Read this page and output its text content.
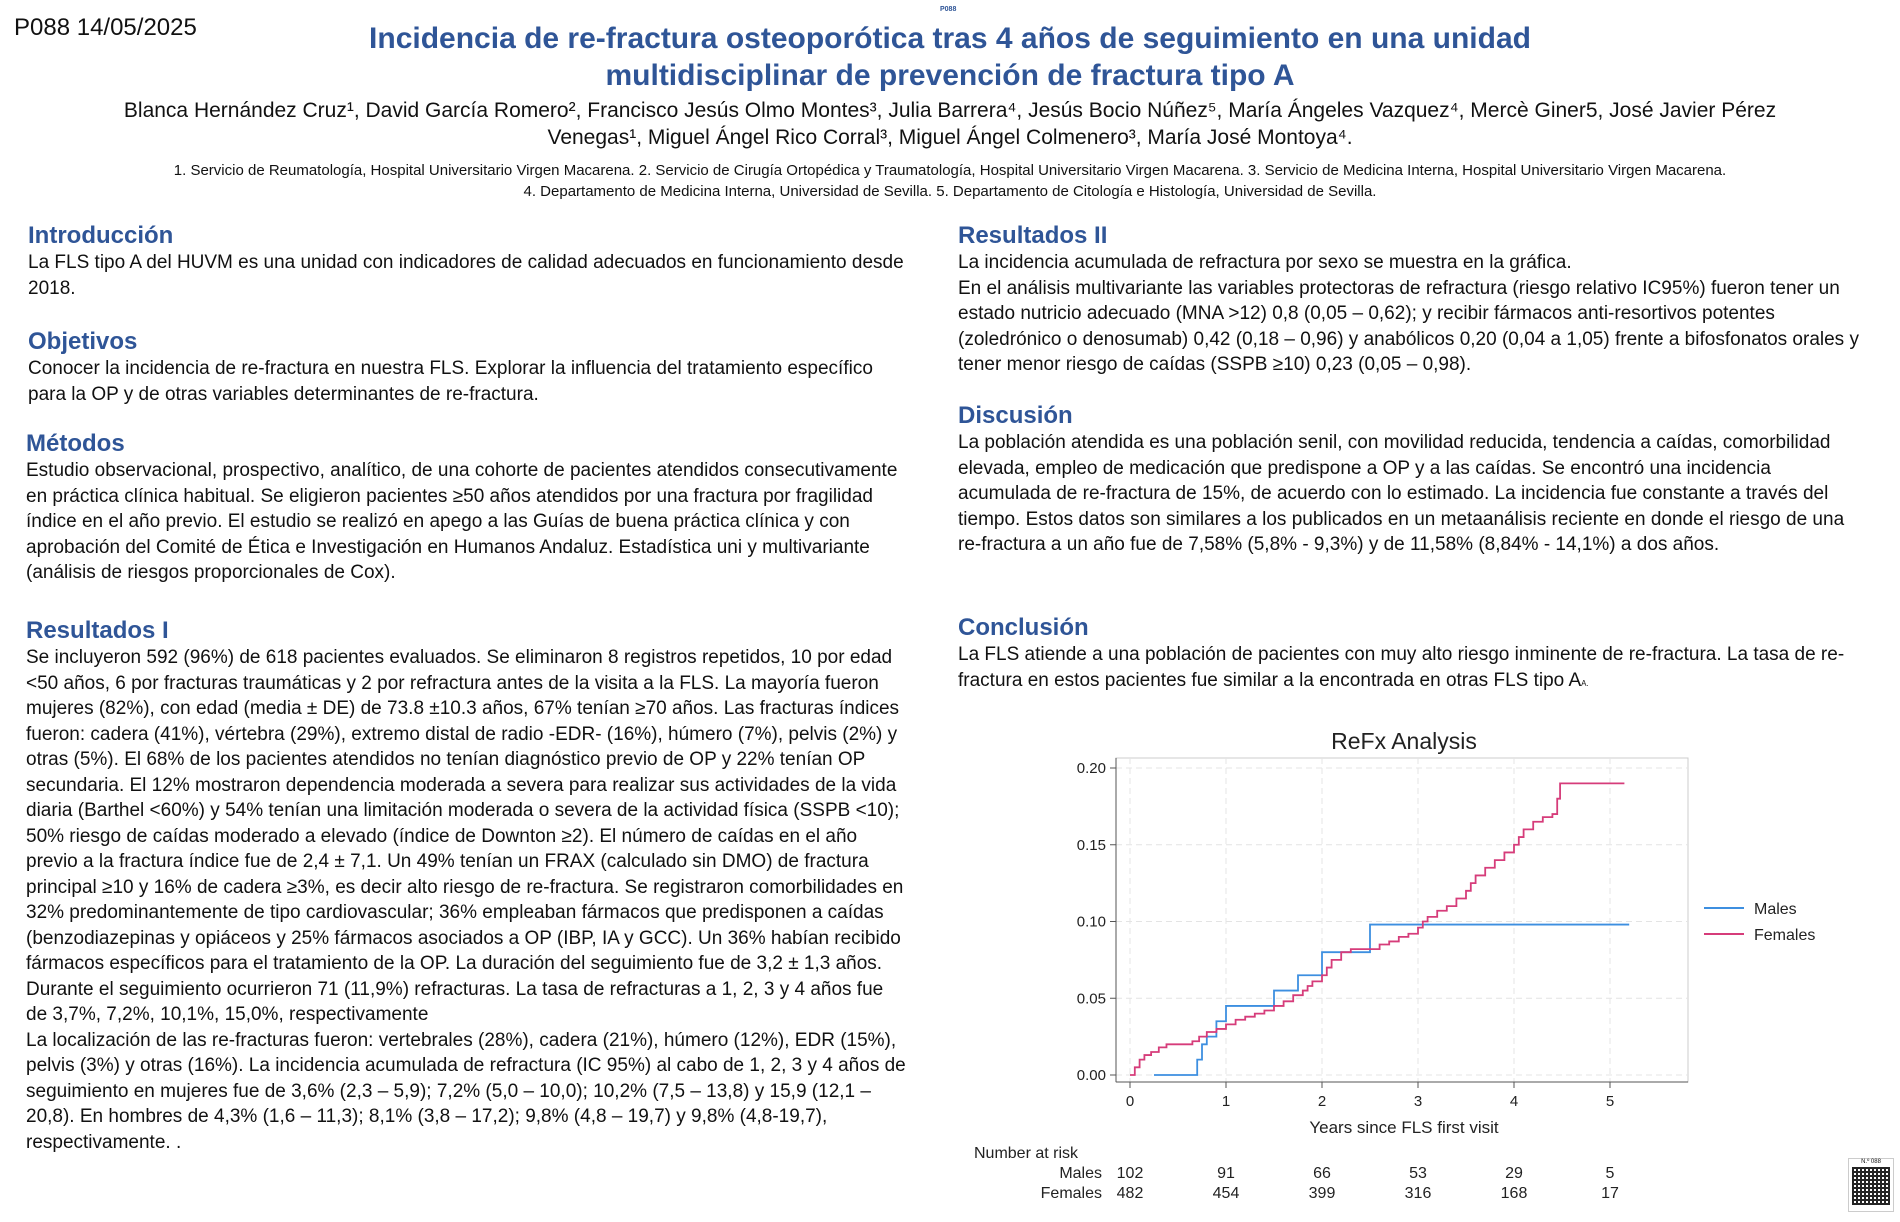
P088 14/05/2025
P088
Incidencia de re-fractura osteoporótica tras 4 años de seguimiento en una unidad
multidisciplinar de prevención de fractura tipo A
Blanca Hernández Cruz¹, David García Romero², Francisco Jesús Olmo Montes³, Julia Barrera⁴, Jesús Bocio Núñez⁵, María Ángeles Vazquez⁴, Mercè Giner5, José Javier Pérez
Venegas¹, Miguel Ángel Rico Corral³, Miguel Ángel Colmenero³, María José Montoya⁴.
1. Servicio de Reumatología, Hospital Universitario Virgen Macarena. 2. Servicio de Cirugía Ortopédica y Traumatología, Hospital Universitario Virgen Macarena. 3. Servicio de Medicina Interna, Hospital Universitario Virgen Macarena.
4. Departamento de Medicina Interna, Universidad de Sevilla. 5. Departamento de Citología e Histología, Universidad de Sevilla.
Introducción
La FLS tipo A del HUVM es una unidad con indicadores de calidad adecuados en funcionamiento desde 2018.
Objetivos
Conocer la incidencia de re-fractura en nuestra FLS. Explorar la influencia del tratamiento específico para la OP y de otras variables determinantes de re-fractura.
Métodos
Estudio observacional, prospectivo, analítico, de una cohorte de pacientes atendidos consecutivamente en práctica clínica habitual. Se eligieron pacientes ≥50 años atendidos por una fractura por fragilidad índice en el año previo. El estudio se realizó en apego a las Guías de buena práctica clínica y con aprobación del Comité de Ética e Investigación en Humanos Andaluz. Estadística uni y multivariante (análisis de riesgos proporcionales de Cox).
Resultados I

Se incluyeron 592 (96%) de 618 pacientes evaluados. Se eliminaron 8 registros repetidos, 10 por edad <50 años, 6 por fracturas traumáticas y 2 por refractura antes de la visita a la FLS. La mayoría fueron mujeres (82%), con edad (media ± DE) de 73.8 ±10.3 años, 67% tenían ≥70 años. Las fracturas índices fueron: cadera (41%), vértebra (29%), extremo distal de radio -EDR- (16%), húmero (7%), pelvis (2%) y otras (5%). El 68% de los pacientes atendidos no tenían diagnóstico previo de OP y 22% tenían OP secundaria. El 12% mostraron dependencia moderada a severa para realizar sus actividades de la vida diaria (Barthel <60%) y 54% tenían una limitación moderada o severa de la actividad física (SSPB <10); 50% riesgo de caídas moderado a elevado (índice de Downton ≥2). El número de caídas en el año previo a la fractura índice fue de 2,4 ± 7,1. Un 49% tenían un FRAX (calculado sin DMO) de fractura principal ≥10 y 16% de cadera ≥3%, es decir alto riesgo de re-fractura. Se registraron comorbilidades en 32% predominantemente de tipo cardiovascular; 36% empleaban fármacos que predisponen a caídas (benzodiazepinas y opiáceos y 25% fármacos asociados a OP (IBP, IA y GCC). Un 36% habían recibido fármacos específicos para el tratamiento de la OP. La duración del seguimiento fue de 3,2 ± 1,3 años.

Durante el seguimiento ocurrieron 71 (11,9%) refracturas. La tasa de refracturas a 1, 2, 3 y 4 años fue de 3,7%, 7,2%, 10,1%, 15,0%, respectivamente

La localización de las re-fracturas fueron: vertebrales (28%), cadera (21%), húmero (12%), EDR (15%), pelvis (3%) y otras (16%). La incidencia acumulada de refractura (IC 95%) al cabo de 1, 2, 3 y 4 años de seguimiento en mujeres fue de 3,6% (2,3 – 5,9); 7,2% (5,0 – 10,0); 10,2% (7,5 – 13,8) y 15,9 (12,1 – 20,8). En hombres de 4,3% (1,6 – 11,3); 8,1% (3,8 – 17,2); 9,8% (4,8 – 19,7) y 9,8% (4,8-19,7), respectivamente. .

Resultados II

La incidencia acumulada de refractura por sexo se muestra en la gráfica.

En el análisis multivariante las variables protectoras de refractura (riesgo relativo IC95%) fueron tener un estado nutricio adecuado (MNA >12) 0,8 (0,05 – 0,62); y recibir fármacos anti-resortivos potentes (zoledrónico o denosumab) 0,42 (0,18 – 0,96) y anabólicos 0,20 (0,04 a 1,05) frente a bifosfonatos orales y tener menor riesgo de caídas (SSPB ≥10) 0,23 (0,05 – 0,98).

Discusión
La población atendida es una población senil, con movilidad reducida, tendencia a caídas, comorbilidad elevada, empleo de medicación que predispone a OP y a las caídas. Se encontró una incidencia acumulada de re-fractura de 15%, de acuerdo con lo estimado. La incidencia fue constante a través del tiempo. Estos datos son similares a los publicados en un metaanálisis reciente en donde el riesgo de una re-fractura a un año fue de 7,58% (5,8% - 9,3%) y de 11,58% (8,84% - 14,1%) a dos años.
Conclusión
La FLS atiende a una población de pacientes con muy alto riesgo inminente de re-fractura. La tasa de re-fractura en estos pacientes fue similar a la encontrada en otras FLS tipo AA.
0.00
0.05
0.10
0.15
0.20
0	1	2	3	4	5
Males
Females
Number at risk
Males 102	91	66	53	29	5
Females 482	454	399	316	168	17
ReFx Analysis
Years since FLS first visit
N.º 088
